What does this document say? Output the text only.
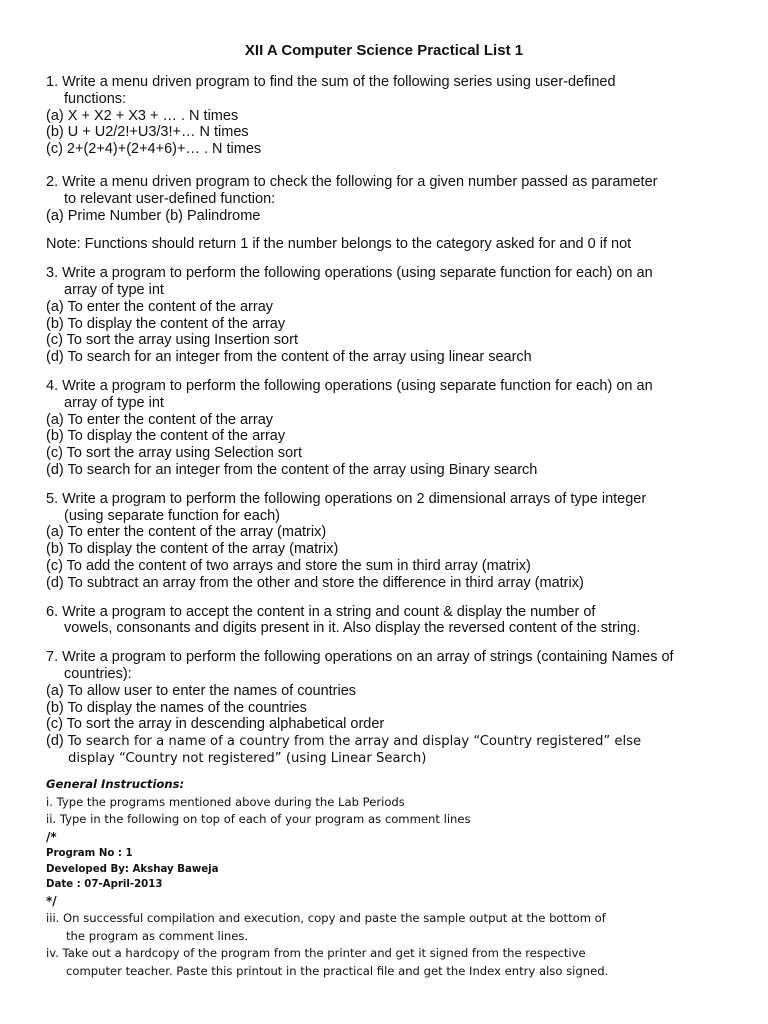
XII A Computer Science Practical List 1
1. Write a menu driven program to find the sum of the following series using user-defined
functions:
(a) X + X2 + X3 + … . N times
(b) U + U2/2!+U3/3!+… N times
(c) 2+(2+4)+(2+4+6)+… . N times
2. Write a menu driven program to check the following for a given number passed as parameter
to relevant user-defined function:
(a) Prime Number (b) Palindrome
Note: Functions should return 1 if the number belongs to the category asked for and 0 if not
3. Write a program to perform the following operations (using separate function for each) on an
array of type int
(a) To enter the content of the array
(b) To display the content of the array
(c) To sort the array using Insertion sort
(d) To search for an integer from the content of the array using linear search
4. Write a program to perform the following operations (using separate function for each) on an
array of type int
(a) To enter the content of the array
(b) To display the content of the array
(c) To sort the array using Selection sort
(d) To search for an integer from the content of the array using Binary search
5. Write a program to perform the following operations on 2 dimensional arrays of type integer
(using separate function for each)
(a) To enter the content of the array (matrix)
(b) To display the content of the array (matrix)
(c) To add the content of two arrays and store the sum in third array (matrix)
(d) To subtract an array from the other and store the difference in third array (matrix)
6. Write a program to accept the content in a string and count & display the number of
vowels, consonants and digits present in it. Also display the reversed content of the string.
7. Write a program to perform the following operations on an array of strings (containing Names of
countries):
(a) To allow user to enter the names of countries
(b) To display the names of the countries
(c) To sort the array in descending alphabetical order
(d) To search for a name of a country from the array and display “Country registered” else
display “Country not registered” (using Linear Search)
General Instructions:
i. Type the programs mentioned above during the Lab Periods
ii. Type in the following on top of each of your program as comment lines
/*
Program No : 1
Developed By: Akshay Baweja
Date : 07-April-2013
*/
iii. On successful compilation and execution, copy and paste the sample output at the bottom of
the program as comment lines.
iv. Take out a hardcopy of the program from the printer and get it signed from the respective
computer teacher. Paste this printout in the practical file and get the Index entry also signed.
